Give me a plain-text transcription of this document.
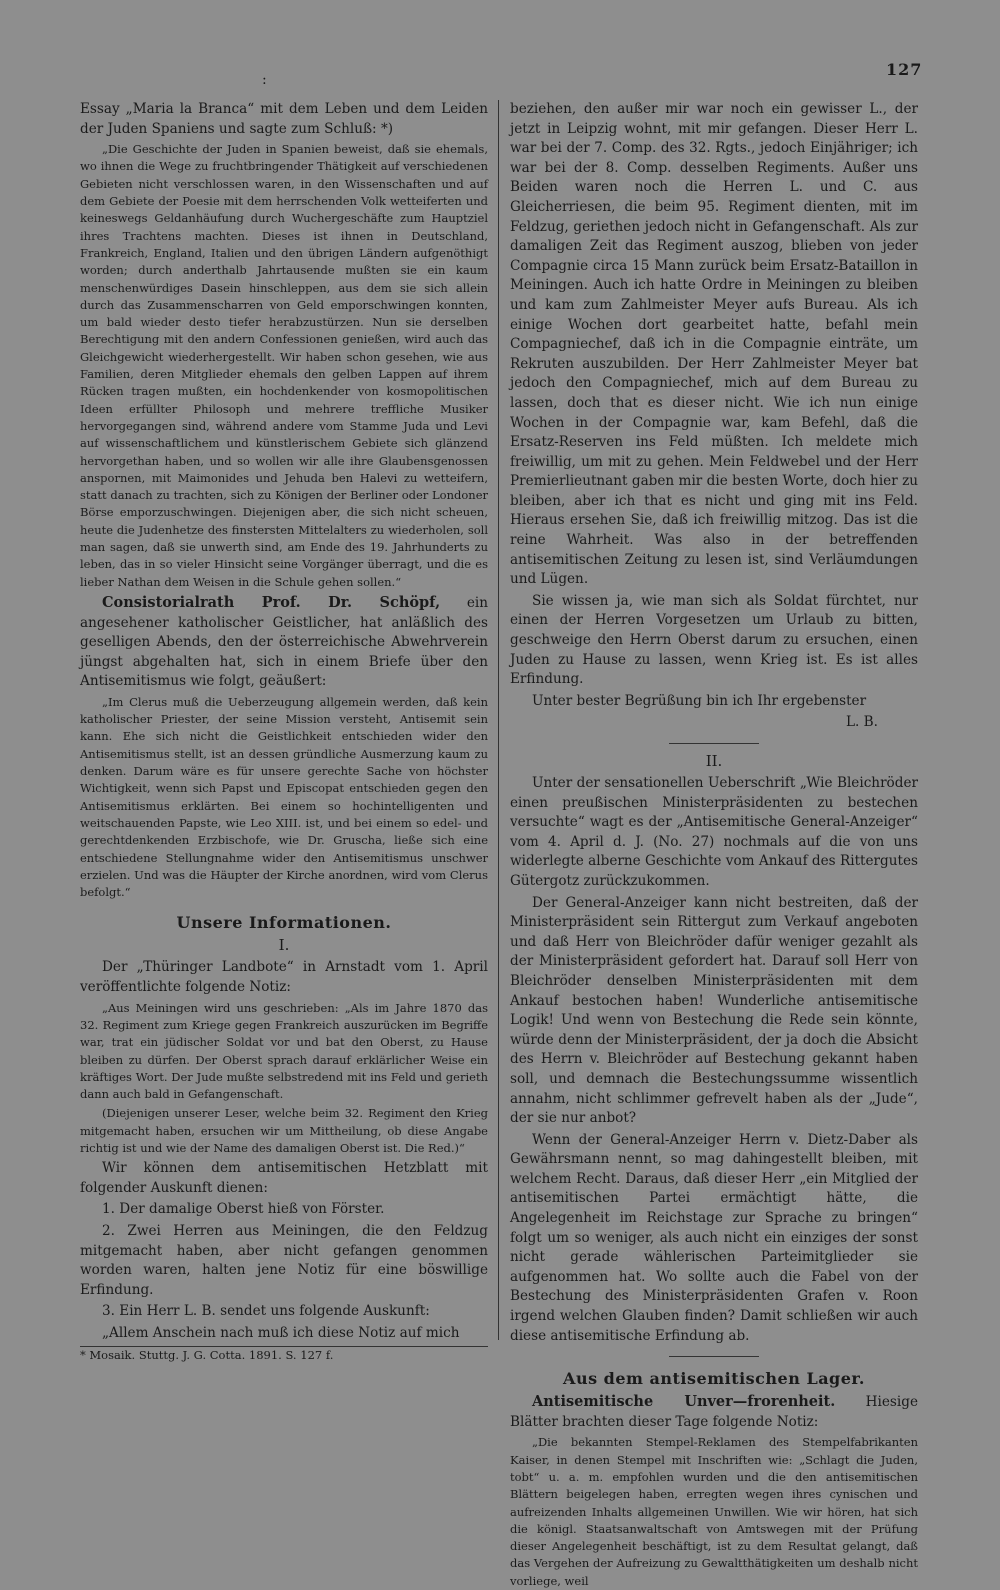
127
:

Essay „Maria la Branca“ mit dem Leben und dem Leiden der Juden Spaniens und sagte zum Schluß: *)

„Die Geschichte der Juden in Spanien beweist, daß sie ehemals, wo ihnen die Wege zu fruchtbringender Thätigkeit auf verschiedenen Gebieten nicht verschlossen waren, in den Wissenschaften und auf dem Gebiete der Poesie mit dem herrschenden Volk wetteiferten und keineswegs Geldanhäufung durch Wuchergeschäfte zum Hauptziel ihres Trachtens machten. Dieses ist ihnen in Deutschland, Frankreich, England, Italien und den übrigen Ländern aufgenöthigt worden; durch anderthalb Jahrtausende mußten sie ein kaum menschenwürdiges Dasein hinschleppen, aus dem sie sich allein durch das Zusammenscharren von Geld emporschwingen konnten, um bald wieder desto tiefer herabzustürzen. Nun sie derselben Berechtigung mit den andern Confessionen genießen, wird auch das Gleichgewicht wiederhergestellt. Wir haben schon gesehen, wie aus Familien, deren Mitglieder ehemals den gelben Lappen auf ihrem Rücken tragen mußten, ein hochdenkender von kosmopolitischen Ideen erfüllter Philosoph und mehrere treffliche Musiker hervorgegangen sind, während andere vom Stamme Juda und Levi auf wissenschaftlichem und künstlerischem Gebiete sich glänzend hervorgethan haben, und so wollen wir alle ihre Glaubensgenossen anspornen, mit Maimonides und Jehuda ben Halevi zu wetteifern, statt danach zu trachten, sich zu Königen der Berliner oder Londoner Börse emporzuschwingen. Diejenigen aber, die sich nicht scheuen, heute die Judenhetze des finstersten Mittelalters zu wiederholen, soll man sagen, daß sie unwerth sind, am Ende des 19. Jahrhunderts zu leben, das in so vieler Hinsicht seine Vorgänger überragt, und die es lieber Nathan dem Weisen in die Schule gehen sollen.“

Consistorialrath Prof. Dr. Schöpf, ein angesehener katholischer Geistlicher, hat anläßlich des geselligen Abends, den der österreichische Abwehrverein jüngst abgehalten hat, sich in einem Briefe über den Antisemitismus wie folgt, geäußert:

„Im Clerus muß die Ueberzeugung allgemein werden, daß kein katholischer Priester, der seine Mission versteht, Antisemit sein kann. Ehe sich nicht die Geistlichkeit entschieden wider den Antisemitismus stellt, ist an dessen gründliche Ausmerzung kaum zu denken. Darum wäre es für unsere gerechte Sache von höchster Wichtigkeit, wenn sich Papst und Episcopat entschieden gegen den Antisemitismus erklärten. Bei einem so hochintelligenten und weitschauenden Papste, wie Leo XIII. ist, und bei einem so edel- und gerechtdenkenden Erzbischofe, wie Dr. Gruscha, ließe sich eine entschiedene Stellungnahme wider den Antisemitismus unschwer erzielen. Und was die Häupter der Kirche anordnen, wird vom Clerus befolgt.“

Unsere Informationen.
I.

Der „Thüringer Landbote“ in Arnstadt vom 1. April veröffentlichte folgende Notiz:

„Aus Meiningen wird uns geschrieben: „Als im Jahre 1870 das 32. Regiment zum Kriege gegen Frankreich auszurücken im Begriffe war, trat ein jüdischer Soldat vor und bat den Oberst, zu Hause bleiben zu dürfen. Der Oberst sprach darauf erklärlicher Weise ein kräftiges Wort. Der Jude mußte selbstredend mit ins Feld und gerieth dann auch bald in Gefangenschaft.

(Diejenigen unserer Leser, welche beim 32. Regiment den Krieg mitgemacht haben, ersuchen wir um Mittheilung, ob diese Angabe richtig ist und wie der Name des damaligen Oberst ist. Die Red.)“

Wir können dem antisemitischen Hetzblatt mit folgender Auskunft dienen:

1. Der damalige Oberst hieß von Förster.

2. Zwei Herren aus Meiningen, die den Feldzug mitgemacht haben, aber nicht gefangen genommen worden waren, halten jene Notiz für eine böswillige Erfindung.

3. Ein Herr L. B. sendet uns folgende Auskunft:

„Allem Anschein nach muß ich diese Notiz auf mich

* Mosaik. Stuttg. J. G. Cotta. 1891. S. 127 f.

beziehen, den außer mir war noch ein gewisser L., der jetzt in Leipzig wohnt, mit mir gefangen. Dieser Herr L. war bei der 7. Comp. des 32. Rgts., jedoch Einjähriger; ich war bei der 8. Comp. desselben Regiments. Außer uns Beiden waren noch die Herren L. und C. aus Gleicherriesen, die beim 95. Regiment dienten, mit im Feldzug, geriethen jedoch nicht in Gefangenschaft. Als zur damaligen Zeit das Regiment auszog, blieben von jeder Compagnie circa 15 Mann zurück beim Ersatz-Bataillon in Meiningen. Auch ich hatte Ordre in Meiningen zu bleiben und kam zum Zahlmeister Meyer aufs Bureau. Als ich einige Wochen dort gearbeitet hatte, befahl mein Compagniechef, daß ich in die Compagnie einträte, um Rekruten auszubilden. Der Herr Zahlmeister Meyer bat jedoch den Compagniechef, mich auf dem Bureau zu lassen, doch that es dieser nicht. Wie ich nun einige Wochen in der Compagnie war, kam Befehl, daß die Ersatz-Reserven ins Feld müßten. Ich meldete mich freiwillig, um mit zu gehen. Mein Feldwebel und der Herr Premierlieutnant gaben mir die besten Worte, doch hier zu bleiben, aber ich that es nicht und ging mit ins Feld. Hieraus ersehen Sie, daß ich freiwillig mitzog. Das ist die reine Wahrheit. Was also in der betreffenden antisemitischen Zeitung zu lesen ist, sind Verläumdungen und Lügen.

Sie wissen ja, wie man sich als Soldat fürchtet, nur einen der Herren Vorgesetzen um Urlaub zu bitten, geschweige den Herrn Oberst darum zu ersuchen, einen Juden zu Hause zu lassen, wenn Krieg ist. Es ist alles Erfindung.

Unter bester Begrüßung bin ich Ihr ergebenster

L. B.

II.

Unter der sensationellen Ueberschrift „Wie Bleichröder einen preußischen Ministerpräsidenten zu bestechen versuchte“ wagt es der „Antisemitische General-Anzeiger“ vom 4. April d. J. (No. 27) nochmals auf die von uns widerlegte alberne Geschichte vom Ankauf des Rittergutes Gütergotz zurückzukommen.

Der General-Anzeiger kann nicht bestreiten, daß der Ministerpräsident sein Rittergut zum Verkauf angeboten und daß Herr von Bleichröder dafür weniger gezahlt als der Ministerpräsident gefordert hat. Darauf soll Herr von Bleichröder denselben Ministerpräsidenten mit dem Ankauf bestochen haben! Wunderliche antisemitische Logik! Und wenn von Bestechung die Rede sein könnte, würde denn der Ministerpräsident, der ja doch die Absicht des Herrn v. Bleichröder auf Bestechung gekannt haben soll, und demnach die Bestechungssumme wissentlich annahm, nicht schlimmer gefrevelt haben als der „Jude“, der sie nur anbot?

Wenn der General-Anzeiger Herrn v. Dietz-Daber als Gewährsmann nennt, so mag dahingestellt bleiben, mit welchem Recht. Daraus, daß dieser Herr „ein Mitglied der antisemitischen Partei ermächtigt hätte, die Angelegenheit im Reichstage zur Sprache zu bringen“ folgt um so weniger, als auch nicht ein einziges der sonst nicht gerade wählerischen Parteimitglieder sie aufgenommen hat. Wo sollte auch die Fabel von der Bestechung des Ministerpräsidenten Grafen v. Roon irgend welchen Glauben finden? Damit schließen wir auch diese antisemitische Erfindung ab.

Aus dem antisemitischen Lager.

Antisemitische Unver—frorenheit. Hiesige Blätter brachten dieser Tage folgende Notiz:

„Die bekannten Stempel-Reklamen des Stempelfabrikanten Kaiser, in denen Stempel mit Inschriften wie: „Schlagt die Juden, tobt“ u. a. m. empfohlen wurden und die den antisemitischen Blättern beigelegen haben, erregten wegen ihres cynischen und aufreizenden Inhalts allgemeinen Unwillen. Wie wir hören, hat sich die königl. Staatsanwaltschaft von Amtswegen mit der Prüfung dieser Angelegenheit beschäftigt, ist zu dem Resultat gelangt, daß das Vergehen der Aufreizung zu Gewaltthätigkeiten um deshalb nicht vorliege, weil
